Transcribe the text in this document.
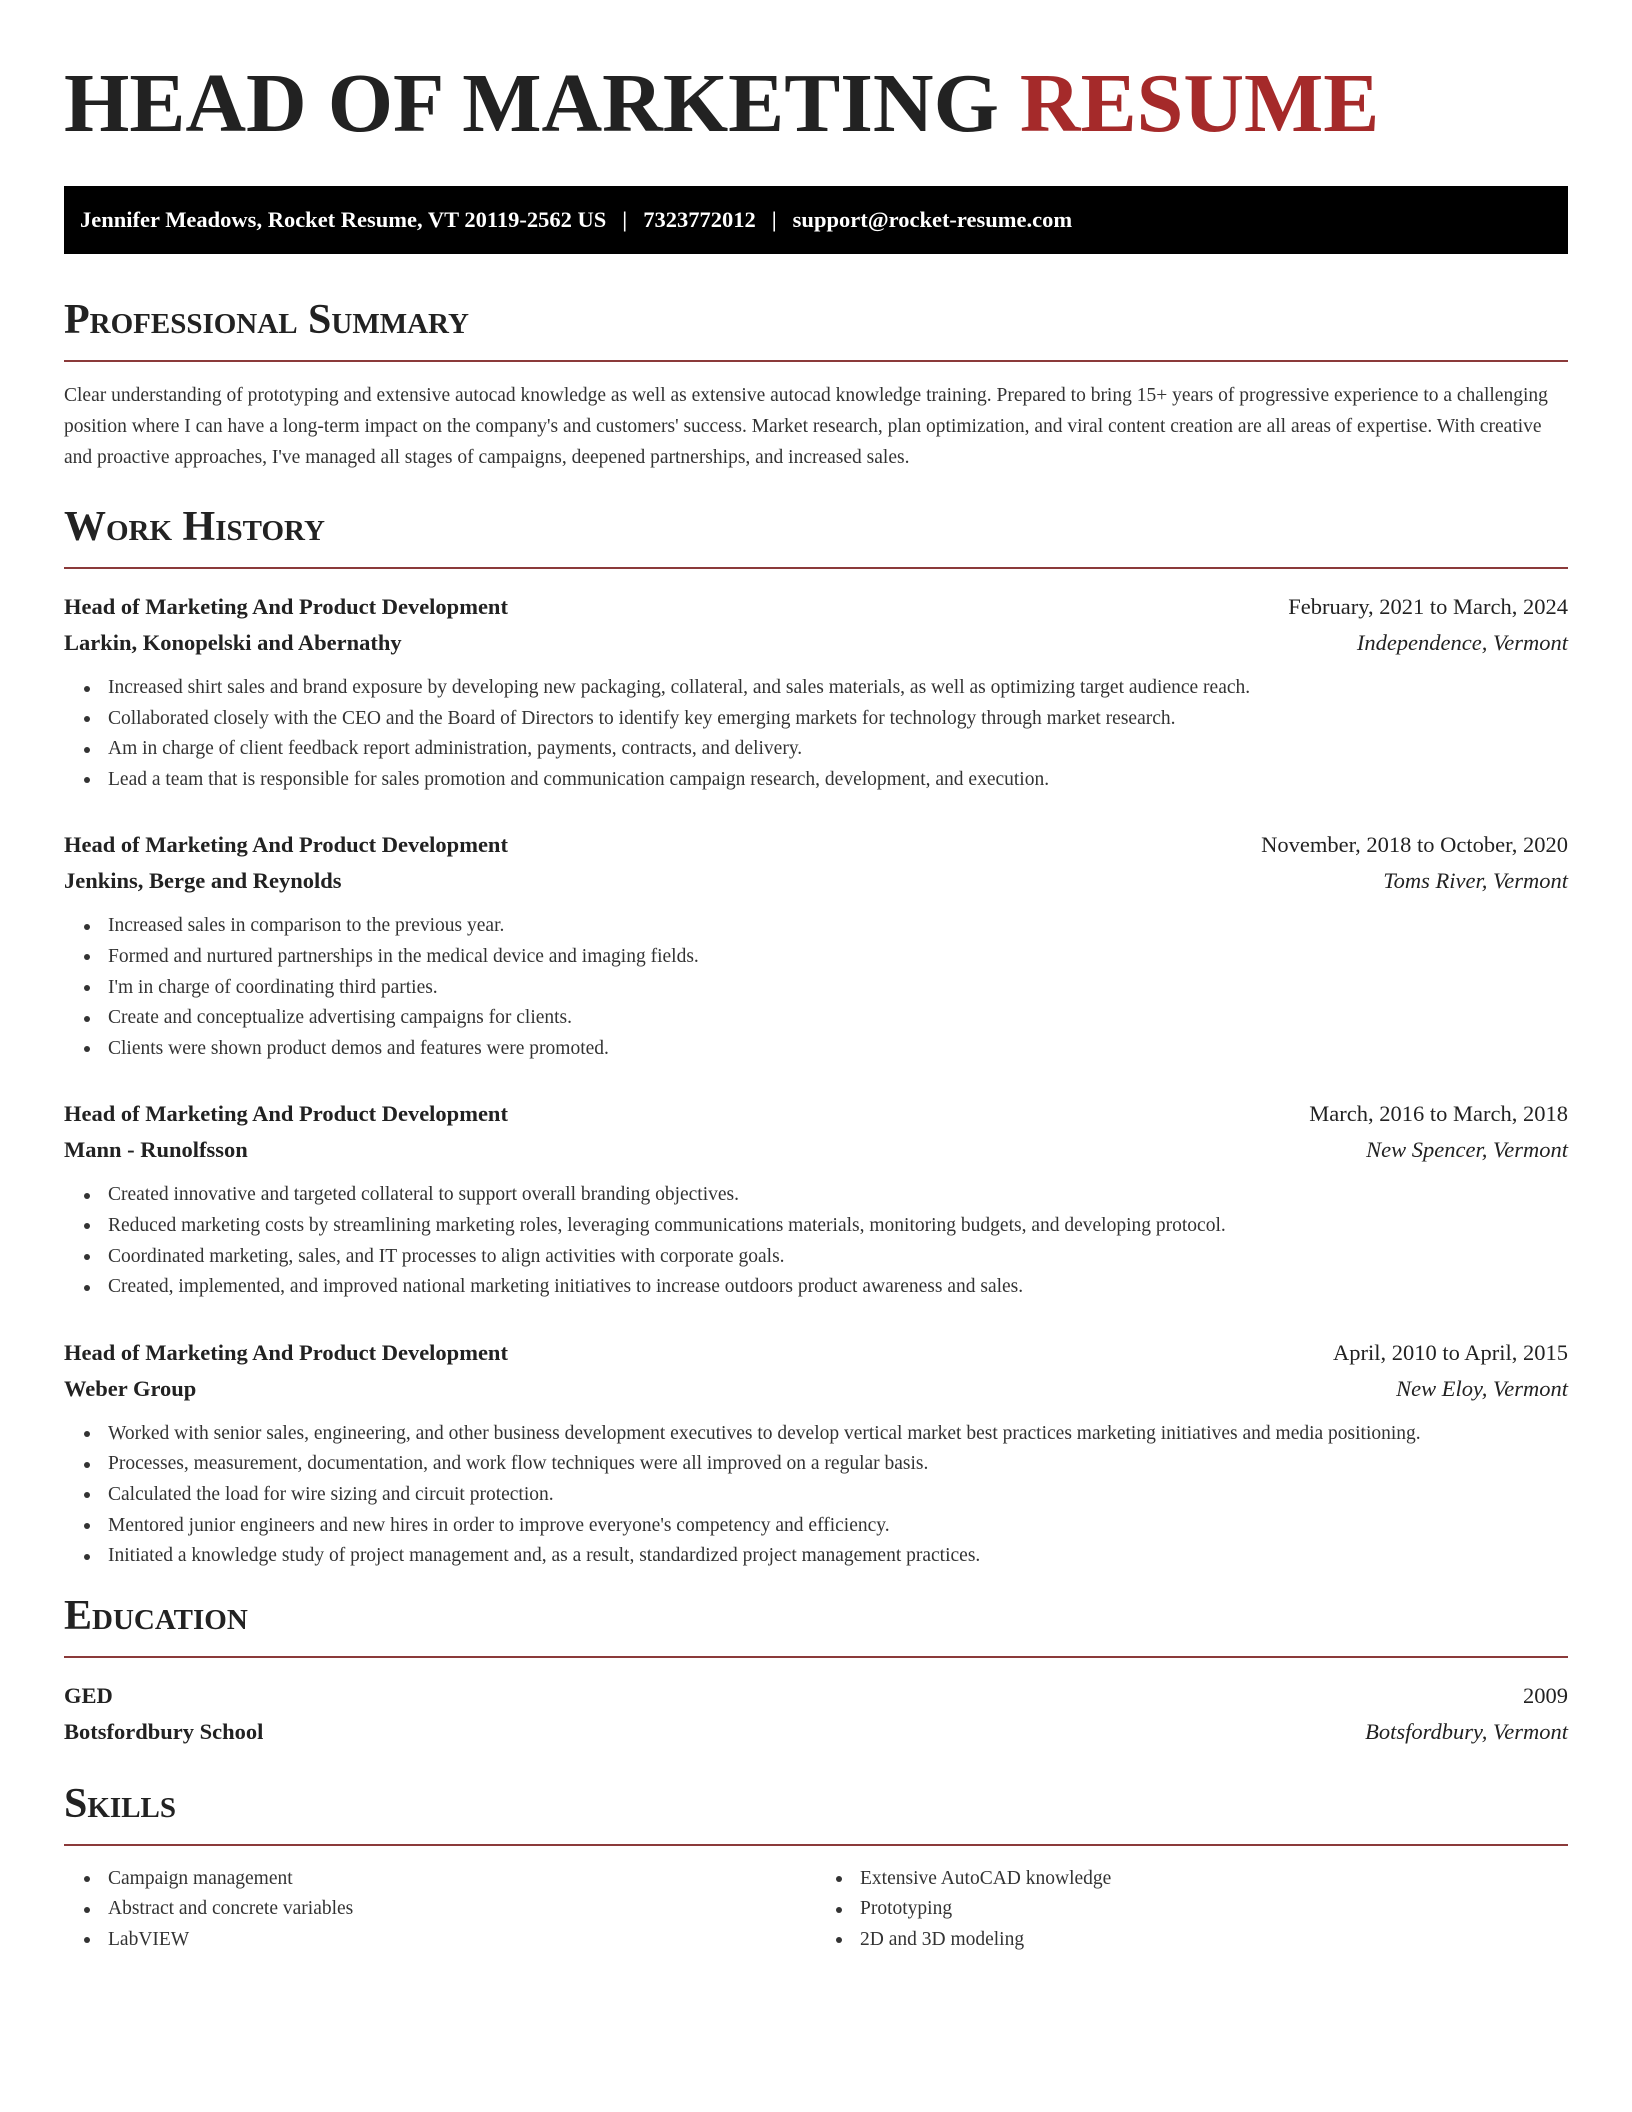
HEAD OF MARKETING RESUME
Jennifer Meadows, Rocket Resume, VT 20119-2562 US | 7323772012 | support@rocket-resume.com
Professional Summary

Clear understanding of prototyping and extensive autocad knowledge as well as extensive autocad knowledge training. Prepared to bring 15+ years of progressive experience to a challenging position where I can have a long-term impact on the company's and customers' success. Market research, plan optimization, and viral content creation are all areas of expertise. With creative and proactive approaches, I've managed all stages of campaigns, deepened partnerships, and increased sales.

Work History
Head of Marketing And Product Development	February, 2021 to March, 2024
Larkin, Konopelski and Abernathy	Independence, Vermont
Increased shirt sales and brand exposure by developing new packaging, collateral, and sales materials, as well as optimizing target audience reach.
Collaborated closely with the CEO and the Board of Directors to identify key emerging markets for technology through market research.
Am in charge of client feedback report administration, payments, contracts, and delivery.
Lead a team that is responsible for sales promotion and communication campaign research, development, and execution.
Head of Marketing And Product Development	November, 2018 to October, 2020
Jenkins, Berge and Reynolds	Toms River, Vermont
Increased sales in comparison to the previous year.
Formed and nurtured partnerships in the medical device and imaging fields.
I'm in charge of coordinating third parties.
Create and conceptualize advertising campaigns for clients.
Clients were shown product demos and features were promoted.
Head of Marketing And Product Development	March, 2016 to March, 2018
Mann - Runolfsson	New Spencer, Vermont
Created innovative and targeted collateral to support overall branding objectives.
Reduced marketing costs by streamlining marketing roles, leveraging communications materials, monitoring budgets, and developing protocol.
Coordinated marketing, sales, and IT processes to align activities with corporate goals.
Created, implemented, and improved national marketing initiatives to increase outdoors product awareness and sales.
Head of Marketing And Product Development	April, 2010 to April, 2015
Weber Group	New Eloy, Vermont
Worked with senior sales, engineering, and other business development executives to develop vertical market best practices marketing initiatives and media positioning.
Processes, measurement, documentation, and work flow techniques were all improved on a regular basis.
Calculated the load for wire sizing and circuit protection.
Mentored junior engineers and new hires in order to improve everyone's competency and efficiency.
Initiated a knowledge study of project management and, as a result, standardized project management practices.
Education
GED	2009
Botsfordbury School	Botsfordbury, Vermont
Skills
Campaign management
Abstract and concrete variables
LabVIEW
Extensive AutoCAD knowledge
Prototyping
2D and 3D modeling
